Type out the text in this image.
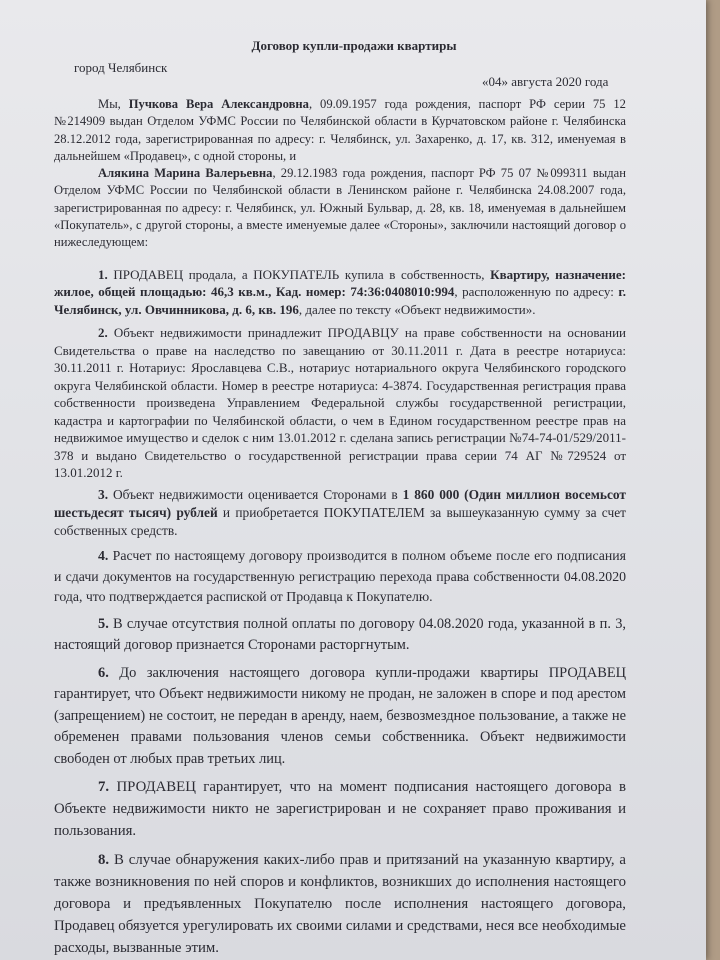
Договор купли-продажи квартиры
город Челябинск
«04» августа 2020 года

Мы, Пучкова Вера Александровна, 09.09.1957 года рождения, паспорт РФ серии 75 12 №214909 выдан Отделом УФМС России по Челябинской области в Курчатовском районе г. Челябинска 28.12.2012 года, зарегистрированная по адресу: г. Челябинск, ул. Захаренко, д. 17, кв. 312, именуемая в дальнейшем «Продавец», с одной стороны, и

Алякина Марина Валерьевна, 29.12.1983 года рождения, паспорт РФ 75 07 №099311 выдан Отделом УФМС России по Челябинской области в Ленинском районе г. Челябинска 24.08.2007 года, зарегистрированная по адресу: г. Челябинск, ул. Южный Бульвар, д. 28, кв. 18, именуемая в дальнейшем «Покупатель», с другой стороны, а вместе именуемые далее «Стороны», заключили настоящий договор о нижеследующем:

1. ПРОДАВЕЦ продала, а ПОКУПАТЕЛЬ купила в собственность, Квартиру, назначение: жилое, общей площадью: 46,3 кв.м., Кад. номер: 74:36:0408010:994, расположенную по адресу: г. Челябинск, ул. Овчинникова, д. 6, кв. 196, далее по тексту «Объект недвижимости».

2. Объект недвижимости принадлежит ПРОДАВЦУ на праве собственности на основании Свидетельства о праве на наследство по завещанию от 30.11.2011 г. Дата в реестре нотариуса: 30.11.2011 г. Нотариус: Ярославцева С.В., нотариус нотариального округа Челябинского городского округа Челябинской области. Номер в реестре нотариуса: 4-3874. Государственная регистрация права собственности произведена Управлением Федеральной службы государственной регистрации, кадастра и картографии по Челябинской области, о чем в Едином государственном реестре прав на недвижимое имущество и сделок с ним 13.01.2012 г. сделана запись регистрации №74-74-01/529/2011-378 и выдано Свидетельство о государственной регистрации права серии 74 АГ №729524 от 13.01.2012 г.

3. Объект недвижимости оценивается Сторонами в 1 860 000 (Один миллион восемьсот шестьдесят тысяч) рублей и приобретается ПОКУПАТЕЛЕМ за вышеуказанную сумму за счет собственных средств.

4. Расчет по настоящему договору производится в полном объеме после его подписания и сдачи документов на государственную регистрацию перехода права собственности 04.08.2020 года, что подтверждается распиской от Продавца к Покупателю.

5. В случае отсутствия полной оплаты по договору 04.08.2020 года, указанной в п. 3, настоящий договор признается Сторонами расторгнутым.

6. До заключения настоящего договора купли-продажи квартиры ПРОДАВЕЦ гарантирует, что Объект недвижимости никому не продан, не заложен в споре и под арестом (запрещением) не состоит, не передан в аренду, наем, безвозмездное пользование, а также не обременен правами пользования членов семьи собственника. Объект недвижимости свободен от любых прав третьих лиц.

7. ПРОДАВЕЦ гарантирует, что на момент подписания настоящего договора в Объекте недвижимости никто не зарегистрирован и не сохраняет право проживания и пользования.

8. В случае обнаружения каких-либо прав и притязаний на указанную квартиру, а также возникновения по ней споров и конфликтов, возникших до исполнения настоящего договора и предъявленных Покупателю после исполнения настоящего договора, Продавец обязуется урегулировать их своими силами и средствами, неся все необходимые расходы, вызванные этим.
